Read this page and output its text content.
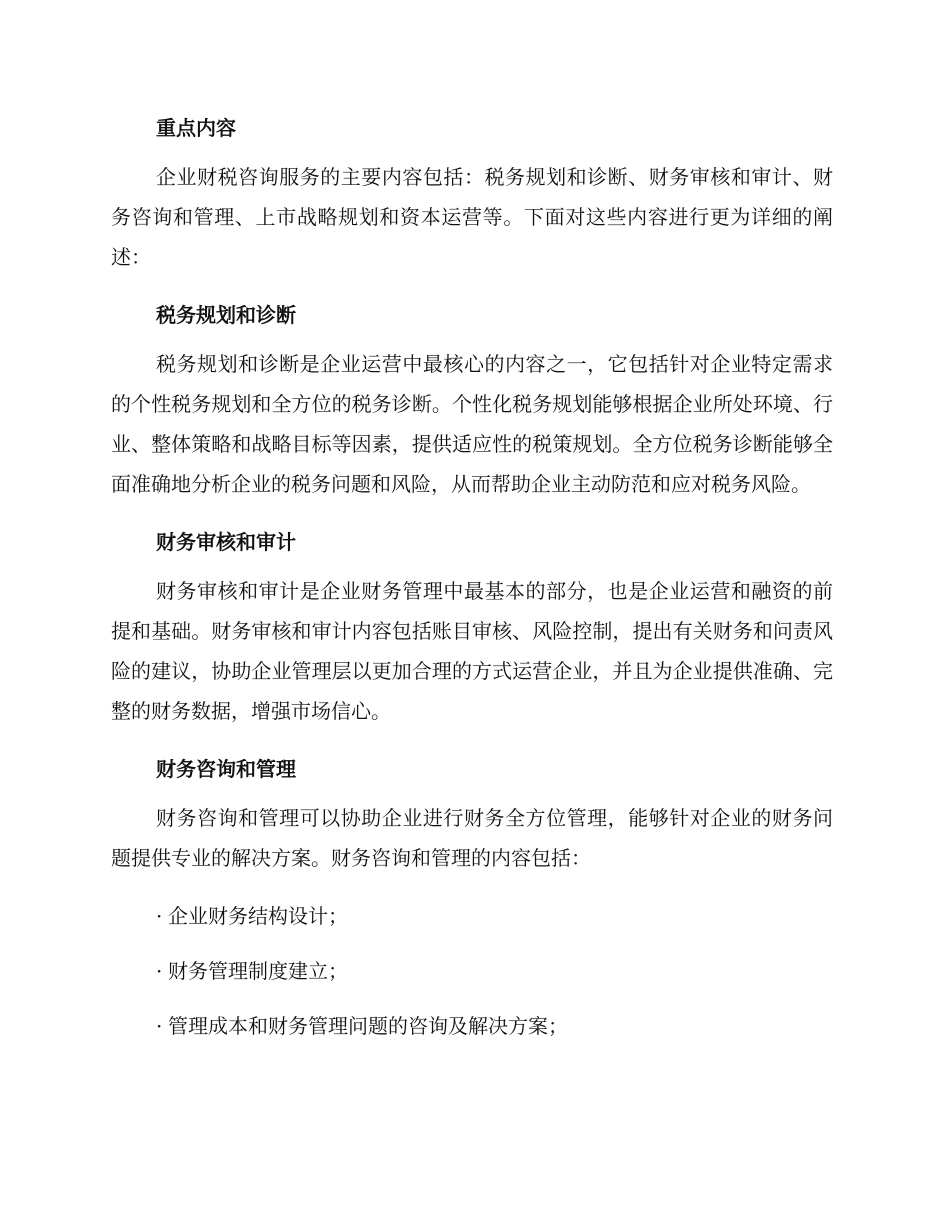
重点内容

企业财税咨询服务的主要内容包括：税务规划和诊断、财务审核和审计、财务咨询和管理、上市战略规划和资本运营等。下面对这些内容进行更为详细的阐述：

税务规划和诊断

税务规划和诊断是企业运营中最核心的内容之一，它包括针对企业特定需求的个性税务规划和全方位的税务诊断。个性化税务规划能够根据企业所处环境、行业、整体策略和战略目标等因素，提供适应性的税策规划。全方位税务诊断能够全面准确地分析企业的税务问题和风险，从而帮助企业主动防范和应对税务风险。

财务审核和审计

财务审核和审计是企业财务管理中最基本的部分，也是企业运营和融资的前提和基础。财务审核和审计内容包括账目审核、风险控制，提出有关财务和问责风险的建议，协助企业管理层以更加合理的方式运营企业，并且为企业提供准确、完整的财务数据，增强市场信心。

财务咨询和管理

财务咨询和管理可以协助企业进行财务全方位管理，能够针对企业的财务问题提供专业的解决方案。财务咨询和管理的内容包括：

· 企业财务结构设计；
· 财务管理制度建立；
· 管理成本和财务管理问题的咨询及解决方案；
